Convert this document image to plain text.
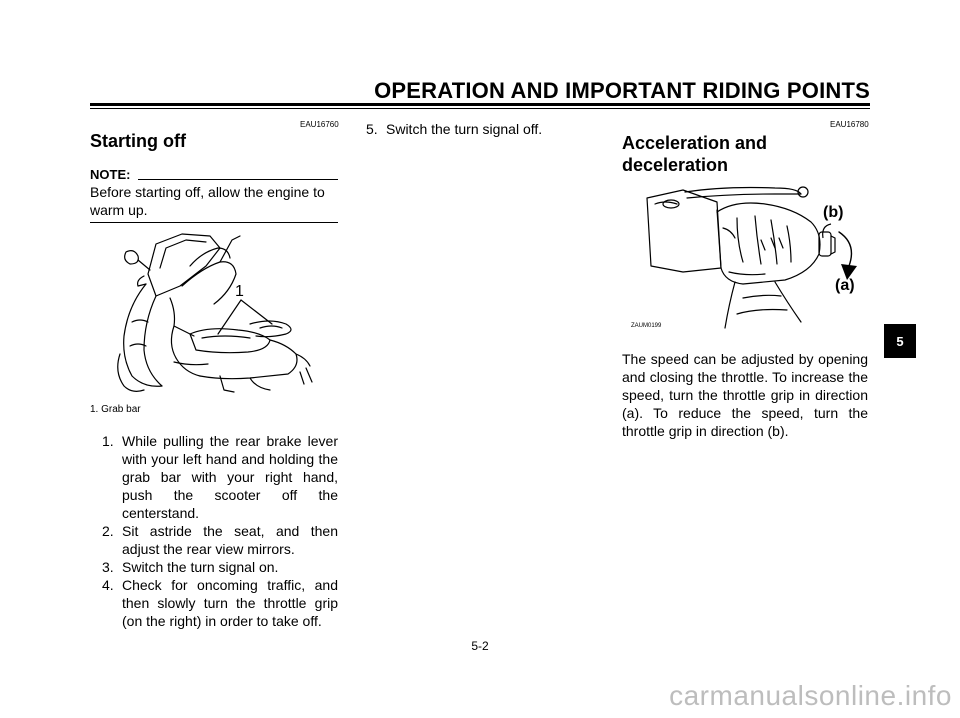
OPERATION AND IMPORTANT RIDING POINTS
EAU16760
Starting off
NOTE:
Before starting off, allow the engine to warm up.
1
1. Grab bar
1. While pulling the rear brake lever with your left hand and holding the grab bar with your right hand, push the scooter off the centerstand.
2. Sit astride the seat, and then adjust the rear view mirrors.
3. Switch the turn signal on.
4. Check for oncoming traffic, and then slowly turn the throttle grip (on the right) in order to take off.
5. Switch the turn signal off.	EAU16780
Acceleration and
deceleration
(b)
(a)
ZAUM0199
The speed can be adjusted by opening and closing the throttle. To increase the speed, turn the throttle grip in direction (a). To reduce the speed, turn the throttle grip in direction (b).
5
5-2
carmanualsonline.info
